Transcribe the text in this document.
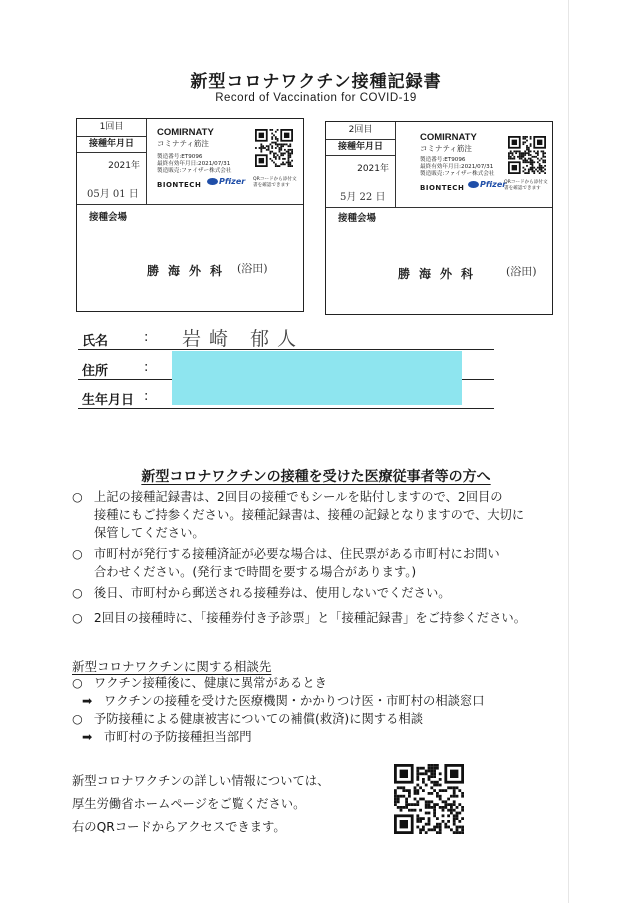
新型コロナワクチン接種記録書
Record of Vaccination for COVID-19
1回目
接種年月日
2021年
05月 01 日
COMIRNATY
コミナティ筋注
製造番号:ET9096
最終有効年月日:2021/07/31
製造販売:ファイザー株式会社
BIONTECH	Pfizer QRコードから添付文書を確認できます
接種会場
勝海外科 (浴田)
2回目
接種年月日
2021年
5月 22 日
COMIRNATY
コミナティ筋注
製造番号:ET9096
最終有効年月日:2021/07/31
製造販売:ファイザー株式会社
BIONTECH	Pfizer
QRコードから添付文書を確認できます
接種会場
勝海外科 (浴田)
氏名	: 岩崎 郁人
住所	:
生年月日 :
新型コロナワクチンの接種を受けた医療従事者等の方へ
○ 上記の接種記録書は、2回目の接種でもシールを貼付しますので、2回目の
接種にもご持参ください。接種記録書は、接種の記録となりますので、大切に
保管してください。
○ 市町村が発行する接種済証が必要な場合は、住民票がある市町村にお問い
合わせください。(発行まで時間を要する場合があります。)
○ 後日、市町村から郵送される接種券は、使用しないでください。
○ 2回目の接種時に、「接種券付き予診票」と「接種記録書」をご持参ください。
新型コロナワクチンに関する相談先
○ ワクチン接種後に、健康に異常があるとき
➡ ワクチンの接種を受けた医療機関・かかりつけ医・市町村の相談窓口
○ 予防接種による健康被害についての補償(救済)に関する相談
➡ 市町村の予防接種担当部門
新型コロナワクチンの詳しい情報については、
厚生労働省ホームページをご覧ください。
右のQRコードからアクセスできます。
